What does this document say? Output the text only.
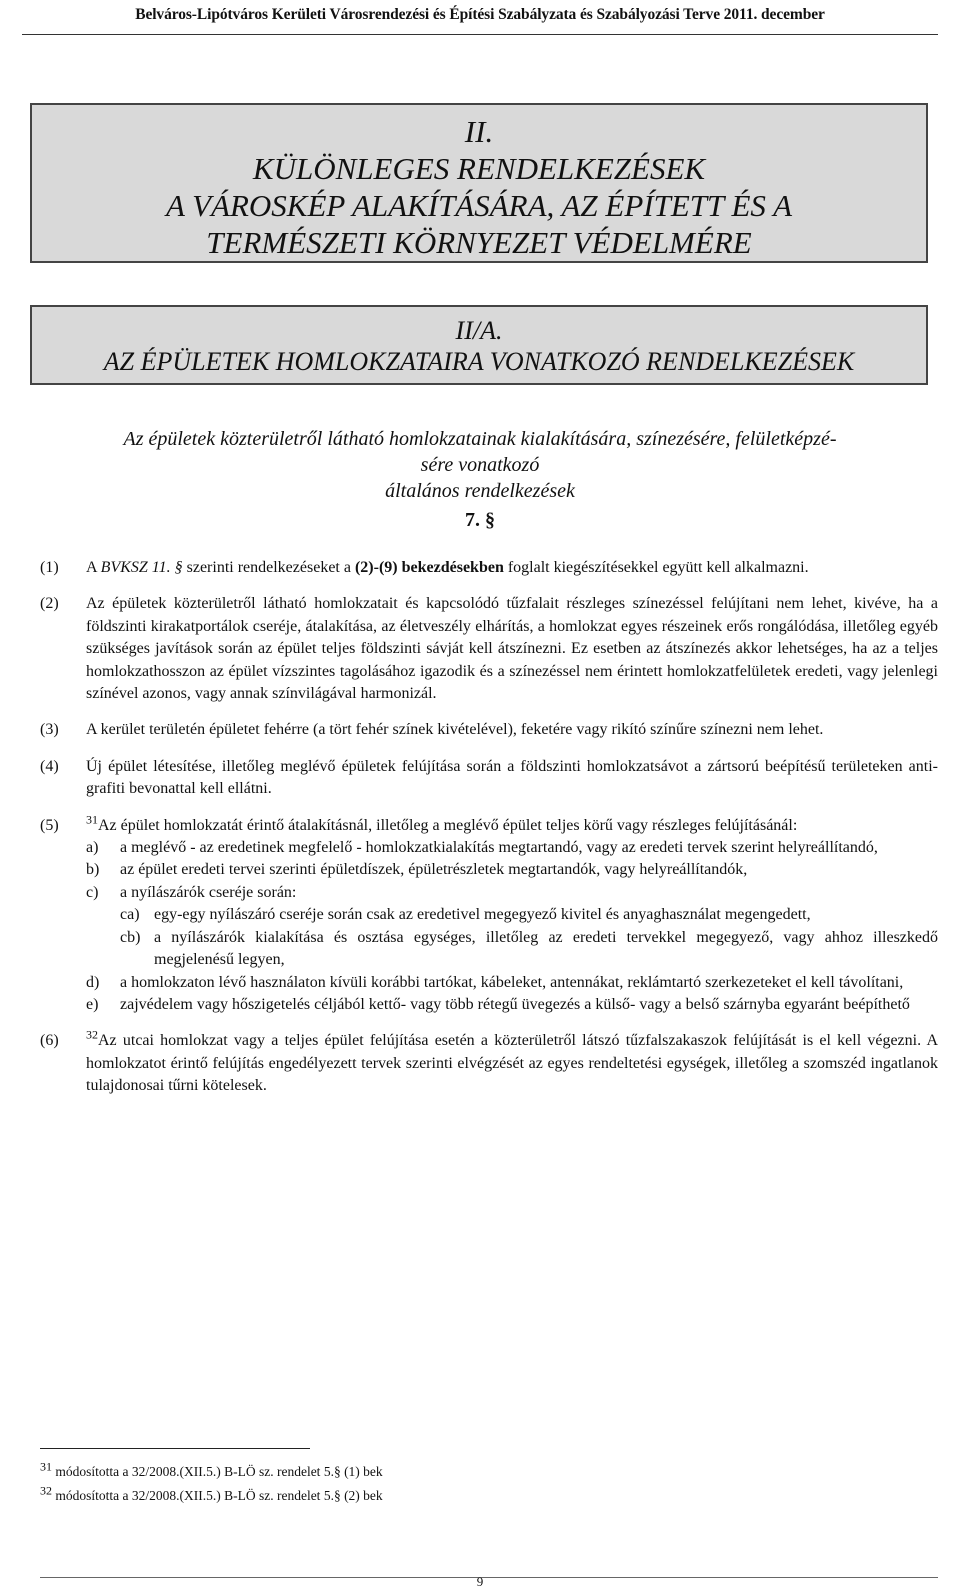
Belváros-Lipótváros Kerületi Városrendezési és Építési Szabályzata és Szabályozási Terve 2011. december

II.

KÜLÖNLEGES RENDELKEZÉSEK

A VÁROSKÉP ALAKÍTÁSÁRA, AZ ÉPÍTETT ÉS A

TERMÉSZETI KÖRNYEZET VÉDELMÉRE

II/A.

AZ ÉPÜLETEK HOMLOKZATAIRA VONATKOZÓ RENDELKEZÉSEK

Az épületek közterületről látható homlokzatainak kialakítására, színezésére, felületképzé-

sére vonatkozó

általános rendelkezések

7. §
(1)	A BVKSZ 11. § szerinti rendelkezéseket a (2)-(9) bekezdésekben foglalt kiegészítésekkel együtt kell alkalmazni.
(2)	Az épületek közterületről látható homlokzatait és kapcsolódó tűzfalait részleges színezéssel felújítani nem lehet, kivéve, ha a földszinti kirakatportálok cseréje, átalakítása, az életveszély elhárítás, a homlokzat egyes részeinek erős rongálódása, illetőleg egyéb szükséges javítások során az épület teljes földszinti sávját kell átszínezni. Ez esetben az átszínezés akkor lehetséges, ha az a teljes homlokzathosszon az épület vízszintes tagolásához igazodik és a színezéssel nem érintett homlokzatfelületek eredeti, vagy jelenlegi színével azonos, vagy annak színvilágával harmonizál.
(3)	A kerület területén épületet fehérre (a tört fehér színek kivételével), feketére vagy rikító színűre színezni nem lehet.
(4)	Új épület létesítése, illetőleg meglévő épületek felújítása során a földszinti homlokzatsávot a zártsorú beépítésű területeken anti-grafiti bevonattal kell ellátni.
(5)	$^{31}$Az épület homlokzatát érintő átalakításnál, illetőleg a meglévő épület teljes körű vagy részleges felújításánál:
a)	a meglévő - az eredetinek megfelelő - homlokzatkialakítás megtartandó, vagy az eredeti tervek szerint helyreállítandó,
b)	az épület eredeti tervei szerinti épületdíszek, épületrészletek megtartandók, vagy helyreállítandók,
c)	a nyílászárók cseréje során:
ca) egy-egy nyílászáró cseréje során csak az eredetivel megegyező kivitel és anyaghasználat megengedett,
cb) a nyílászárók kialakítása és osztása egységes, illetőleg az eredeti tervekkel megegyező, vagy ahhoz illeszkedő megjelenésű legyen,
d)	a homlokzaton lévő használaton kívüli korábbi tartókat, kábeleket, antennákat, reklámtartó szerkezeteket el kell távolítani,
e)	zajvédelem vagy hőszigetelés céljából kettő- vagy több rétegű üvegezés a külső- vagy a belső szárnyba egyaránt beépíthető
(6)	$^{32}$Az utcai homlokzat vagy a teljes épület felújítása esetén a közterületről látszó tűzfalszakaszok felújítását is el kell végezni. A homlokzatot érintő felújítás engedélyezett tervek szerinti elvégzését az egyes rendeltetési egységek, illetőleg a szomszéd ingatlanok tulajdonosai tűrni kötelesek.
31 módosította a 32/2008.(XII.5.) B-LÖ sz. rendelet 5.§ (1) bek
32 módosította a 32/2008.(XII.5.) B-LÖ sz. rendelet 5.§ (2) bek
9
